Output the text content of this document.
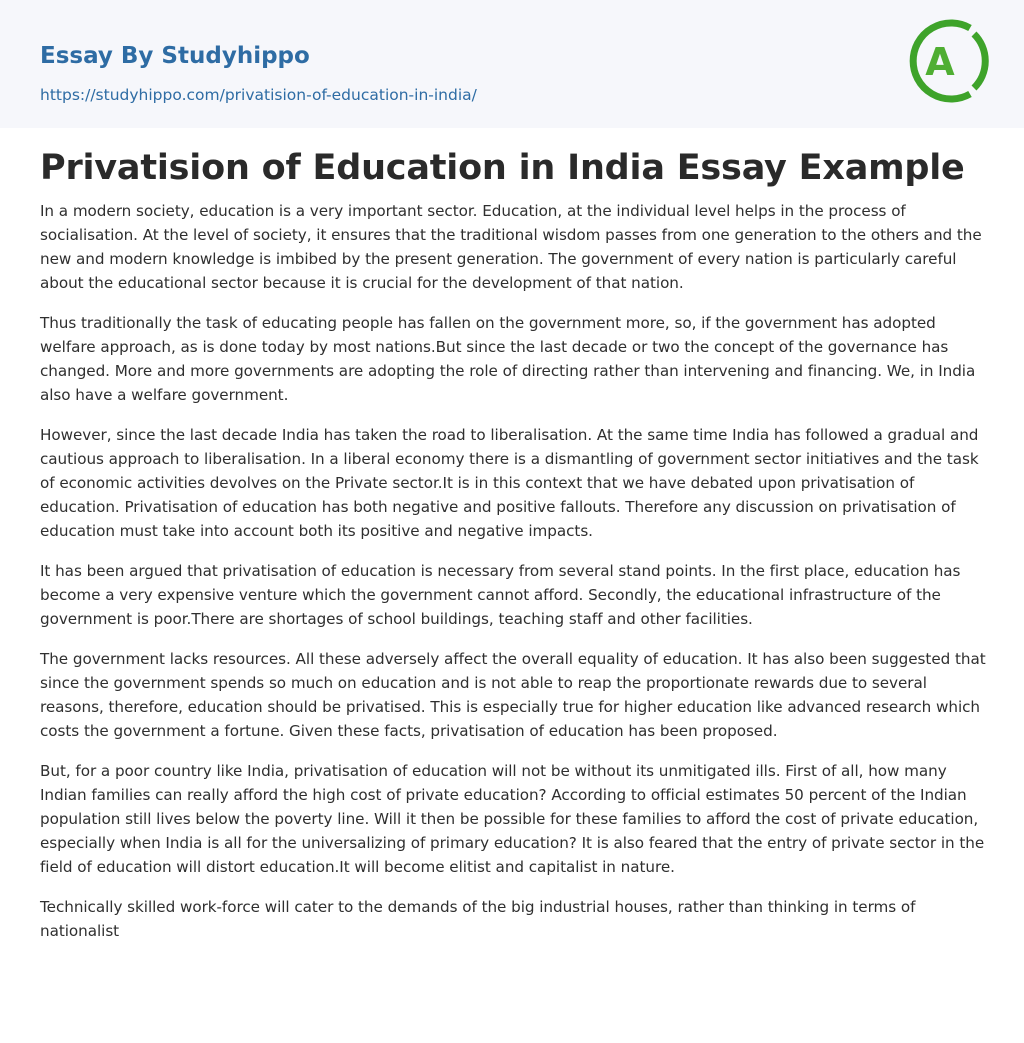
Essay By Studyhippo
https://studyhippo.com/privatision-of-education-in-india/
A
Privatision of Education in India Essay Example

In a modern society, education is a very important sector. Education, at the individual level helps in the process of socialisation. At the level of society, it ensures that the traditional wisdom passes from one generation to the others and the new and modern knowledge is imbibed by the present generation. The government of every nation is particularly careful about the educational sector because it is crucial for the development of that nation.

Thus traditionally the task of educating people has fallen on the government more, so, if the government has adopted welfare approach, as is done today by most nations.But since the last decade or two the concept of the governance has changed. More and more governments are adopting the role of directing rather than intervening and financing. We, in India also have a welfare government.

However, since the last decade India has taken the road to liberalisation. At the same time India has followed a gradual and cautious approach to liberalisation. In a liberal economy there is a dismantling of government sector initiatives and the task of economic activities devolves on the Private sector.It is in this context that we have debated upon privatisation of education. Privatisation of education has both negative and positive fallouts. Therefore any discussion on privatisation of education must take into account both its positive and negative impacts.

It has been argued that privatisation of education is necessary from several stand points. In the first place, education has become a very expensive venture which the government cannot afford. Secondly, the educational infrastructure of the government is poor.There are shortages of school buildings, teaching staff and other facilities.

The government lacks resources. All these adversely affect the overall equality of education. It has also been suggested that since the government spends so much on education and is not able to reap the proportionate rewards due to several reasons, therefore, education should be privatised. This is especially true for higher education like advanced research which costs the government a fortune. Given these facts, privatisation of education has been proposed.

But, for a poor country like India, privatisation of education will not be without its unmitigated ills. First of all, how many Indian families can really afford the high cost of private education? According to official estimates 50 percent of the Indian population still lives below the poverty line. Will it then be possible for these families to afford the cost of private education, especially when India is all for the universalizing of primary education? It is also feared that the entry of private sector in the field of education will distort education.It will become elitist and capitalist in nature.

Technically skilled work-force will cater to the demands of the big industrial houses, rather than thinking in terms of nationalist
